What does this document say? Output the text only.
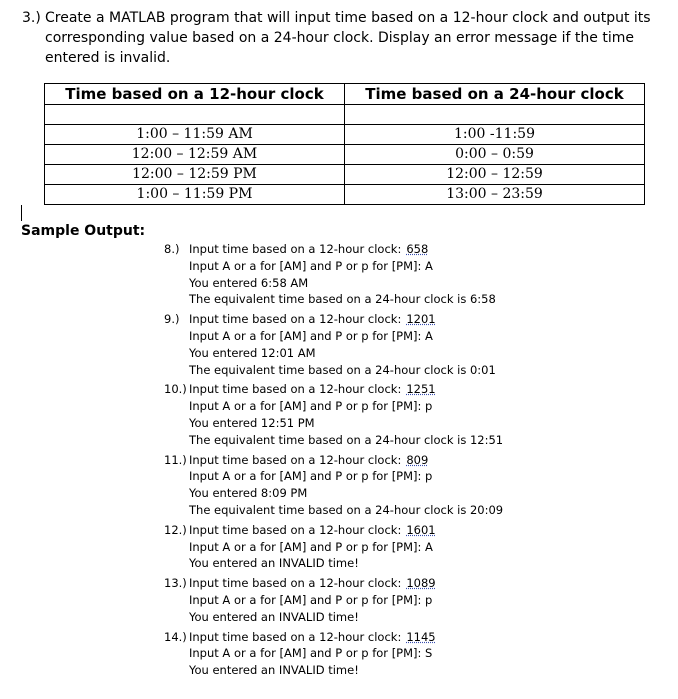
3.) Create a MATLAB program that will input time based on a 12-hour clock and output its corresponding value based on a 24-hour clock. Display an error message if the time entered is invalid.
Time based on a 12-hour clock	Time based on a 24-hour clock

1:00 – 11:59 AM	1:00 -11:59
12:00 – 12:59 AM	0:00 – 0:59
12:00 – 12:59 PM	12:00 – 12:59
1:00 – 11:59 PM	13:00 – 23:59
Sample Output:
8.) Input time based on a 12-hour clock: 658
Input A or a for [AM] and P or p for [PM]: A
You entered 6:58 AM
The equivalent time based on a 24-hour clock is 6:58
9.) Input time based on a 12-hour clock: 1201
Input A or a for [AM] and P or p for [PM]: A
You entered 12:01 AM
The equivalent time based on a 24-hour clock is 0:01
10.) Input time based on a 12-hour clock: 1251
Input A or a for [AM] and P or p for [PM]: p
You entered 12:51 PM
The equivalent time based on a 24-hour clock is 12:51
11.) Input time based on a 12-hour clock: 809
Input A or a for [AM] and P or p for [PM]: p
You entered 8:09 PM
The equivalent time based on a 24-hour clock is 20:09
12.) Input time based on a 12-hour clock: 1601
Input A or a for [AM] and P or p for [PM]: A
You entered an INVALID time!
13.) Input time based on a 12-hour clock: 1089
Input A or a for [AM] and P or p for [PM]: p
You entered an INVALID time!
14.) Input time based on a 12-hour clock: 1145
Input A or a for [AM] and P or p for [PM]: S
You entered an INVALID time!
